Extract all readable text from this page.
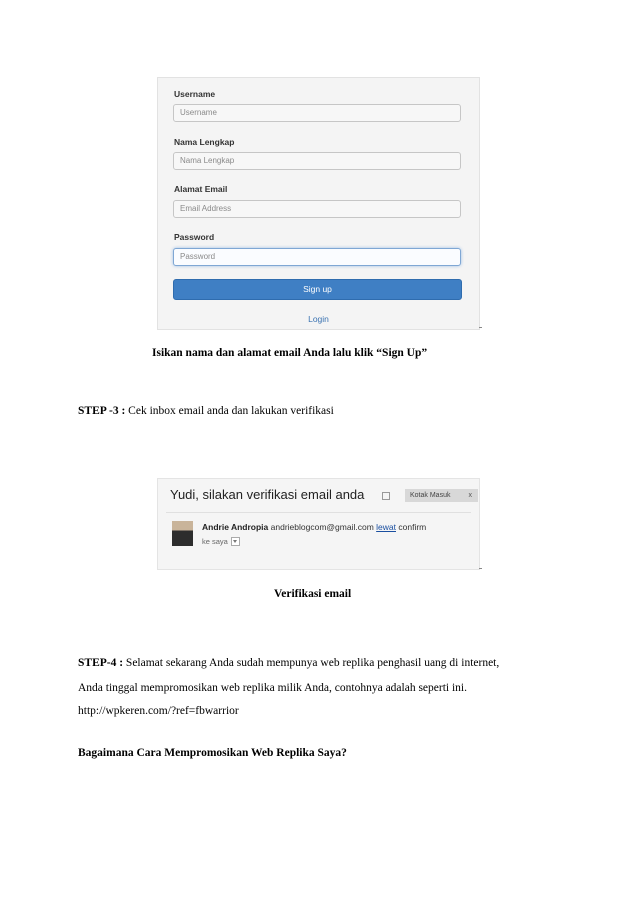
Username
Username
Nama Lengkap
Nama Lengkap
Alamat Email
Email Address
Password
Password
Sign up
Login
Isikan nama dan alamat email Anda lalu klik “Sign Up”
STEP -3 : Cek inbox email anda dan lakukan verifikasi
Yudi, silakan verifikasi email anda	Kotak Masuk	x
Andrie Andropia andrieblogcom@gmail.com lewat confirm
ke saya
Verifikasi email
STEP-4 : Selamat sekarang Anda sudah mempunya web replika penghasil uang di internet,
Anda tinggal mempromosikan web replika milik Anda, contohnya adalah seperti ini.
http://wpkeren.com/?ref=fbwarrior
Bagaimana Cara Mempromosikan Web Replika Saya?
